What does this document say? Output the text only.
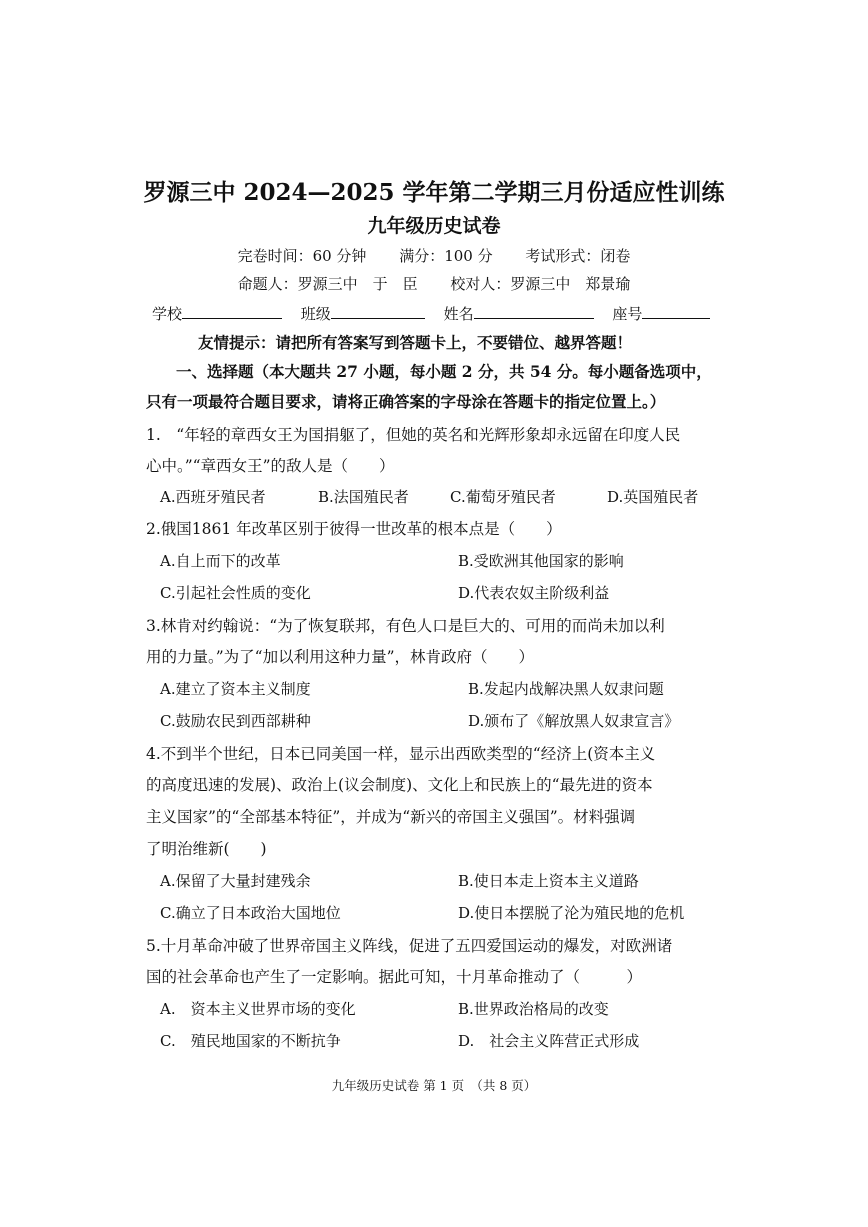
罗源三中 2024—2025 学年第二学期三月份适应性训练
九年级历史试卷
完卷时间：60 分钟 满分：100 分 考试形式：闭卷
命题人：罗源三中　于　臣 校对人：罗源三中　郑景瑜
学校	班级	姓名	座号
友情提示：请把所有答案写到答题卡上，不要错位、越界答题！
一、选择题（本大题共 27 小题，每小题 2 分，共 54 分。每小题备选项中，
只有一项最符合题目要求，请将正确答案的字母涂在答题卡的指定位置上。）
1.　“年轻的章西女王为国捐躯了，但她的英名和光辉形象却永远留在印度人民
心中。”“章西女王”的敌人是（　　）
A.西班牙殖民者	B.法国殖民者	C.葡萄牙殖民者	D.英国殖民者
2.俄国1861 年改革区别于彼得一世改革的根本点是（　　）
A.自上而下的改革	B.受欧洲其他国家的影响
C.引起社会性质的变化	D.代表农奴主阶级利益
3.林肯对约翰说：“为了恢复联邦，有色人口是巨大的、可用的而尚未加以利
用的力量。”为了“加以利用这种力量”，林肯政府（　　）
A.建立了资本主义制度	B.发起内战解决黑人奴隶问题
C.鼓励农民到西部耕种	D.颁布了《解放黑人奴隶宣言》
4.不到半个世纪，日本已同美国一样，显示出西欧类型的“经济上(资本主义
的高度迅速的发展)、政治上(议会制度)、文化上和民族上的“最先进的资本
主义国家”的“全部基本特征”，并成为“新兴的帝国主义强国”。材料强调
了明治维新(　　)
A.保留了大量封建残余	B.使日本走上资本主义道路
C.确立了日本政治大国地位	D.使日本摆脱了沦为殖民地的危机
5.十月革命冲破了世界帝国主义阵线，促进了五四爱国运动的爆发，对欧洲诸
国的社会革命也产生了一定影响。据此可知，十月革命推动了（　　　）
A.　资本主义世界市场的变化	B.世界政治格局的改变
C.　殖民地国家的不断抗争	D.　社会主义阵营正式形成
九年级历史试卷 第 1 页　（共 8 页）
